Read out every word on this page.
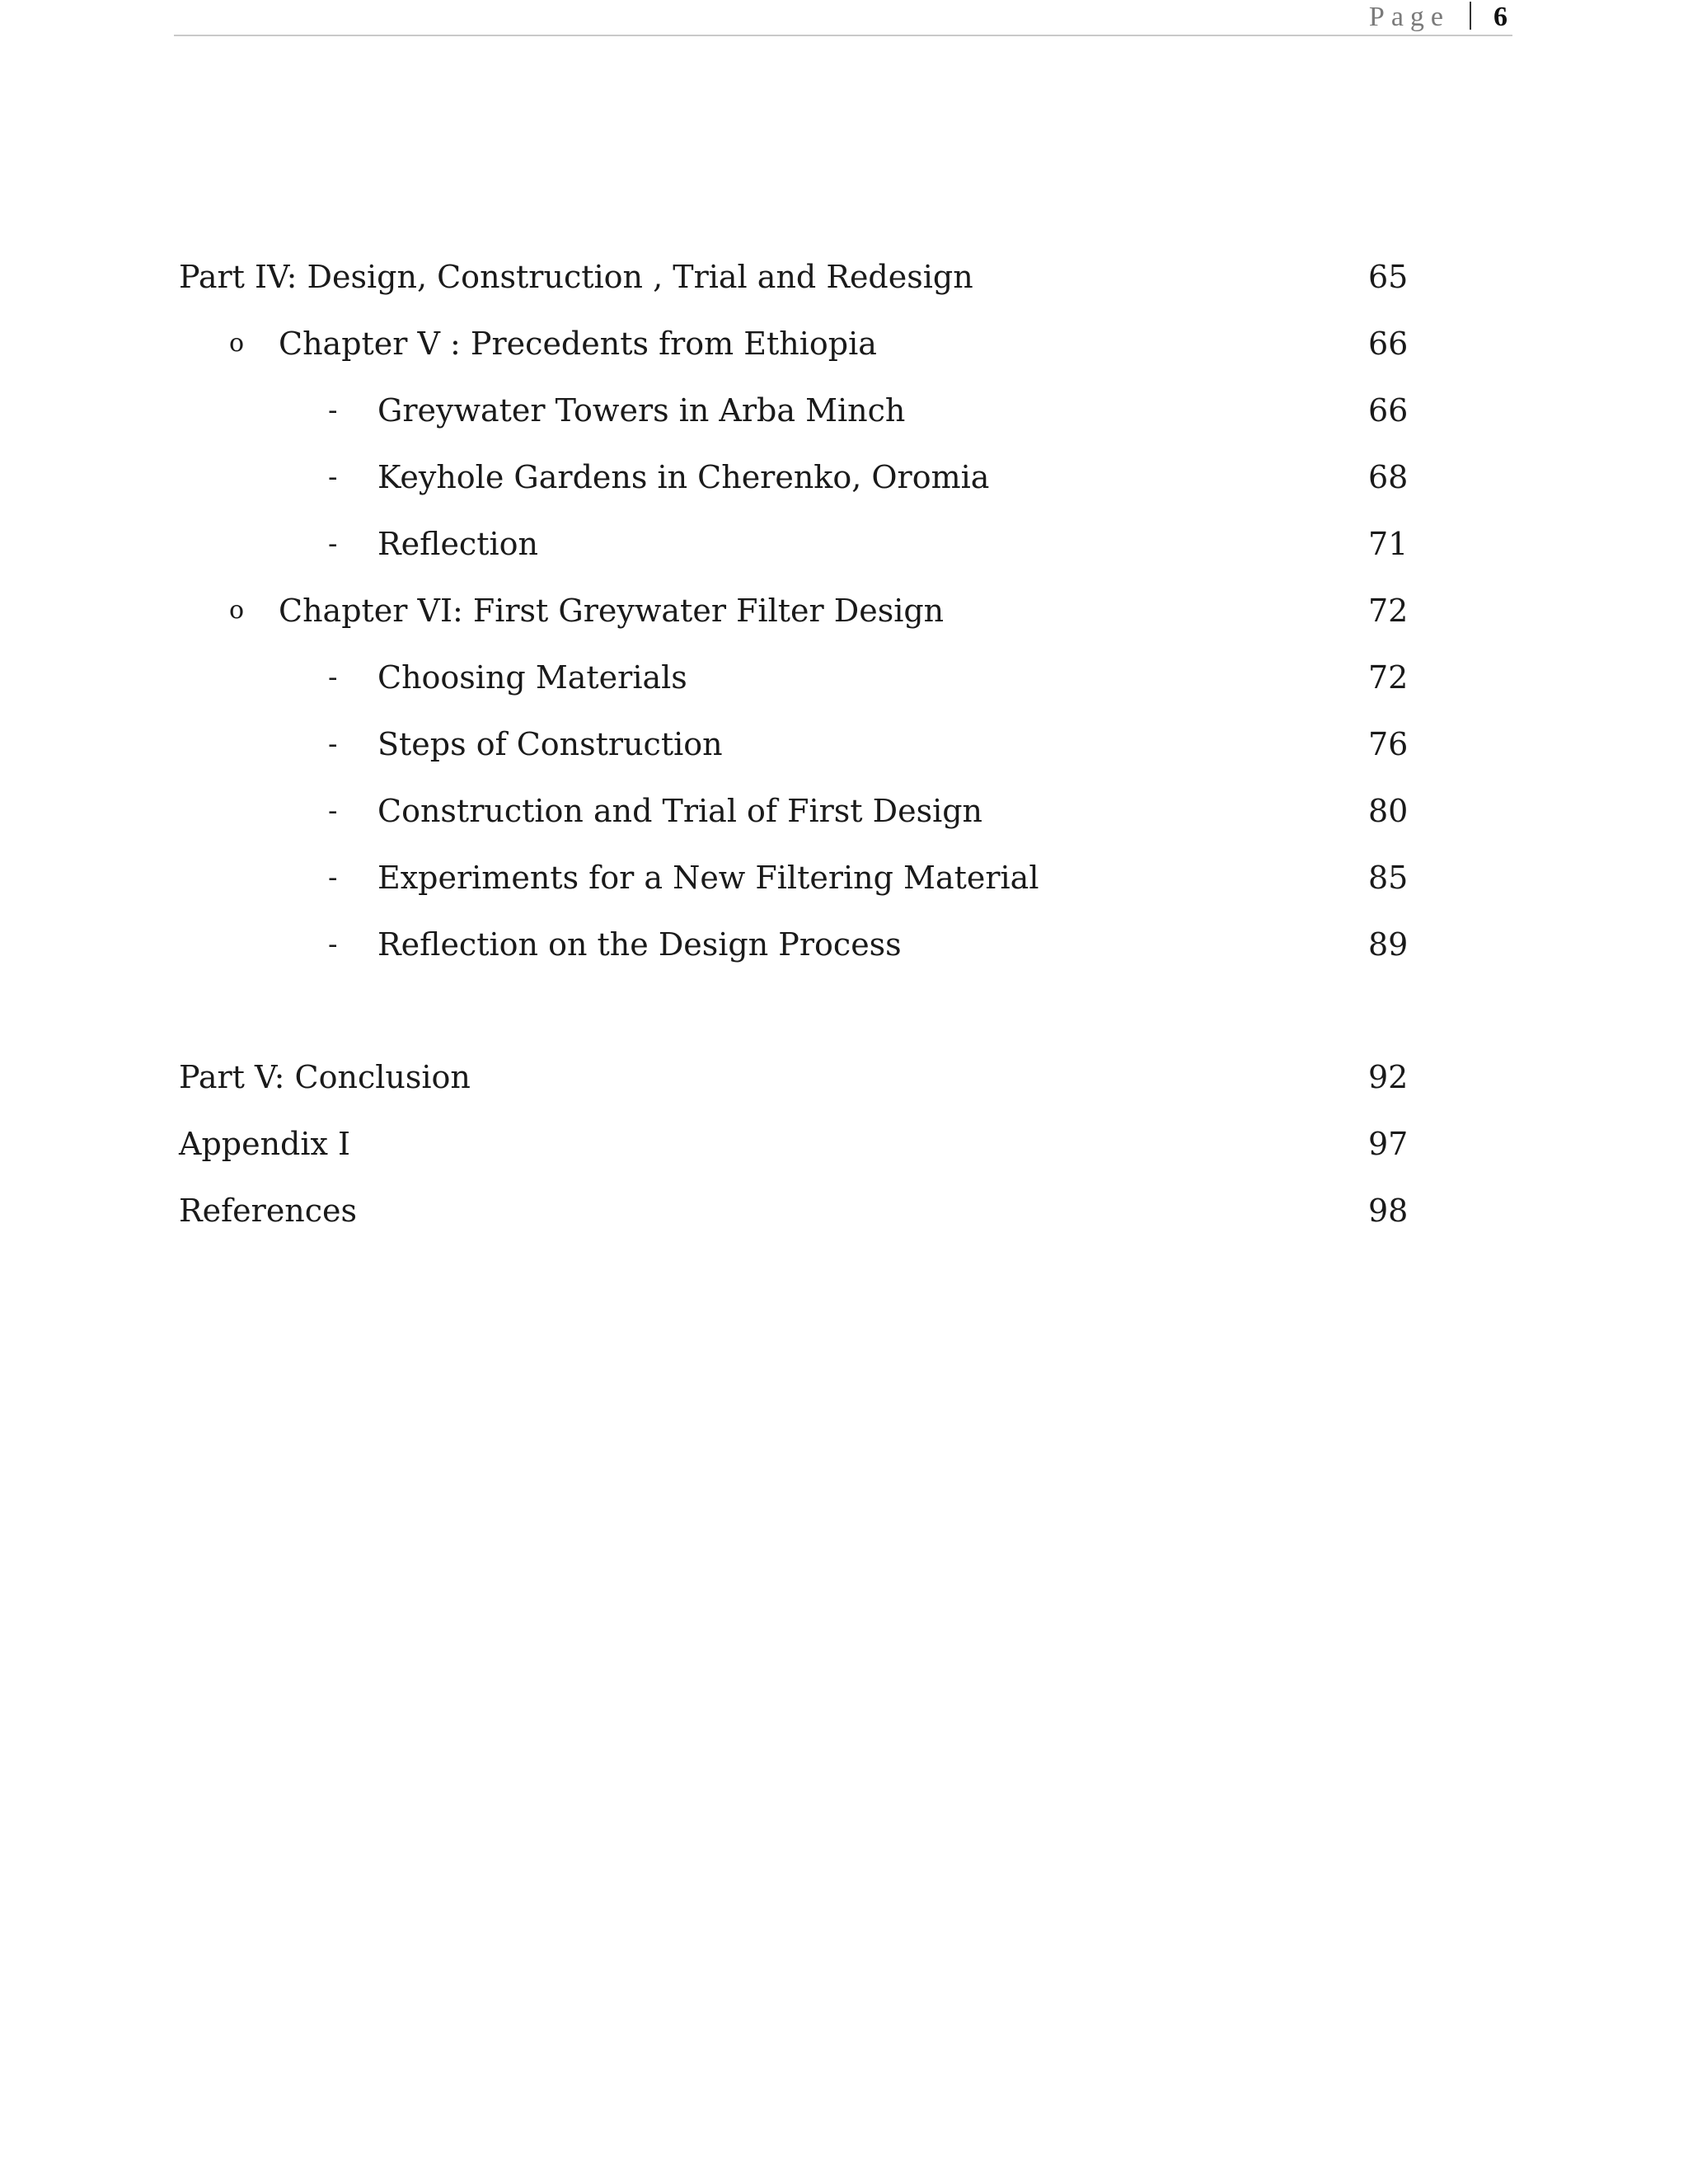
Page 6
Part IV: Design, Construction , Trial and Redesign	65
o Chapter V : Precedents from Ethiopia	66
- Greywater Towers in Arba Minch	66
- Keyhole Gardens in Cherenko, Oromia	68
- Reflection	71
o Chapter VI: First Greywater Filter Design	72
- Choosing Materials	72
- Steps of Construction	76
- Construction and Trial of First Design	80
- Experiments for a New Filtering Material	85
- Reflection on the Design Process	89
Part V: Conclusion	92
Appendix I	97
References	98
